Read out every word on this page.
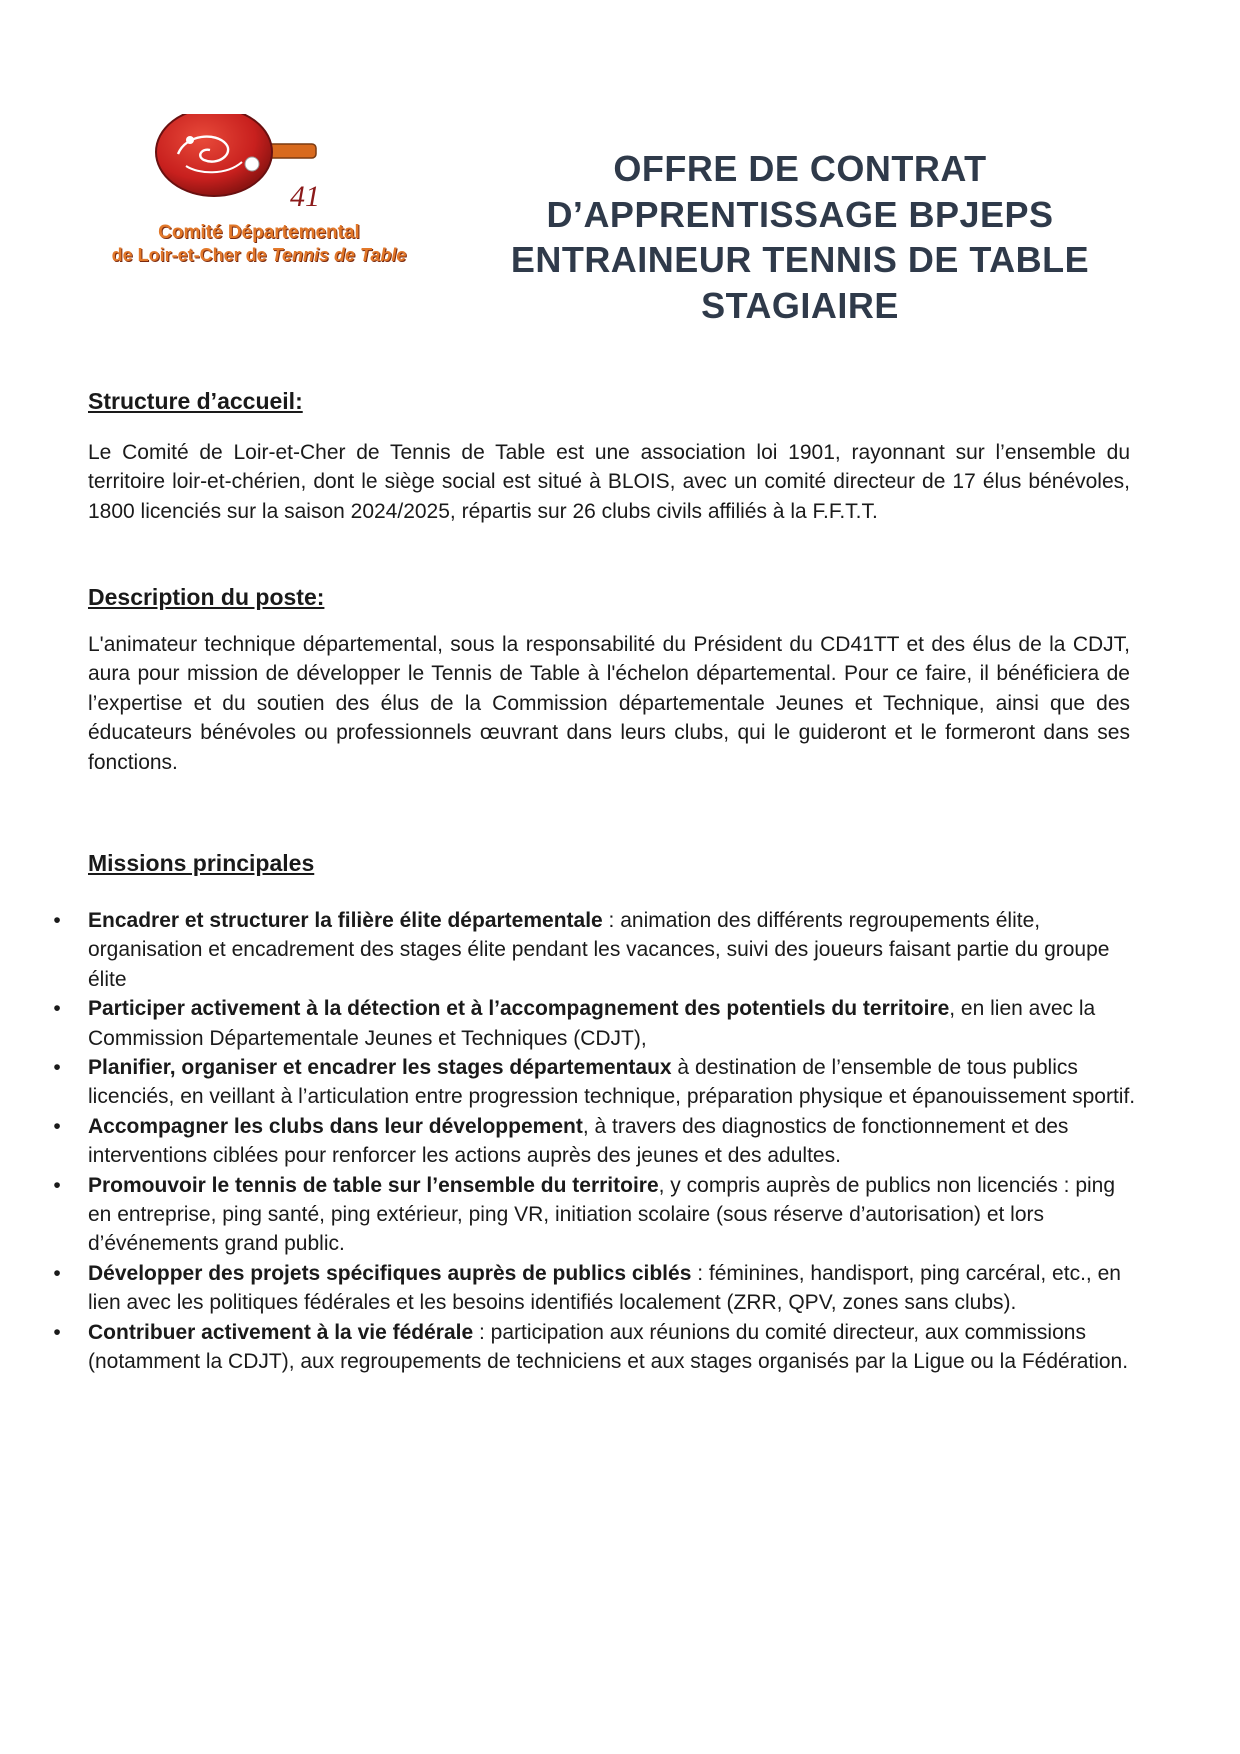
41
Comité Départemental
de Loir-et-Cher de Tennis de Table
OFFRE DE CONTRAT
D’APPRENTISSAGE BPJEPS
ENTRAINEUR TENNIS DE TABLE
STAGIAIRE
Structure d’accueil:
Le Comité de Loir-et-Cher de Tennis de Table est une association loi 1901, rayonnant sur l’ensemble du territoire loir-et-chérien, dont le siège social est situé à BLOIS, avec un comité directeur de 17 élus bénévoles, 1800 licenciés sur la saison 2024/2025, répartis sur 26 clubs civils affiliés à la F.F.T.T.
Description du poste:
L'animateur technique départemental, sous la responsabilité du Président du CD41TT et des élus de la CDJT, aura pour mission de développer le Tennis de Table à l'échelon départemental. Pour ce faire, il bénéficiera de l’expertise et du soutien des élus de la Commission départementale Jeunes et Technique, ainsi que des éducateurs bénévoles ou professionnels œuvrant dans leurs clubs, qui le guideront et le formeront dans ses fonctions.
Missions principales
• Encadrer et structurer la filière élite départementale : animation des différents regroupements élite, organisation et encadrement des stages élite pendant les vacances, suivi des joueurs faisant partie du groupe élite
• Participer activement à la détection et à l’accompagnement des potentiels du territoire, en lien avec la Commission Départementale Jeunes et Techniques (CDJT),
• Planifier, organiser et encadrer les stages départementaux à destination de l’ensemble de tous publics licenciés, en veillant à l’articulation entre progression technique, préparation physique et épanouissement sportif.
• Accompagner les clubs dans leur développement, à travers des diagnostics de fonctionnement et des interventions ciblées pour renforcer les actions auprès des jeunes et des adultes.
• Promouvoir le tennis de table sur l’ensemble du territoire, y compris auprès de publics non licenciés : ping en entreprise, ping santé, ping extérieur, ping VR, initiation scolaire (sous réserve d’autorisation) et lors d’événements grand public.
• Développer des projets spécifiques auprès de publics ciblés : féminines, handisport, ping carcéral, etc., en lien avec les politiques fédérales et les besoins identifiés localement (ZRR, QPV, zones sans clubs).
• Contribuer activement à la vie fédérale : participation aux réunions du comité directeur, aux commissions (notamment la CDJT), aux regroupements de techniciens et aux stages organisés par la Ligue ou la Fédération.
